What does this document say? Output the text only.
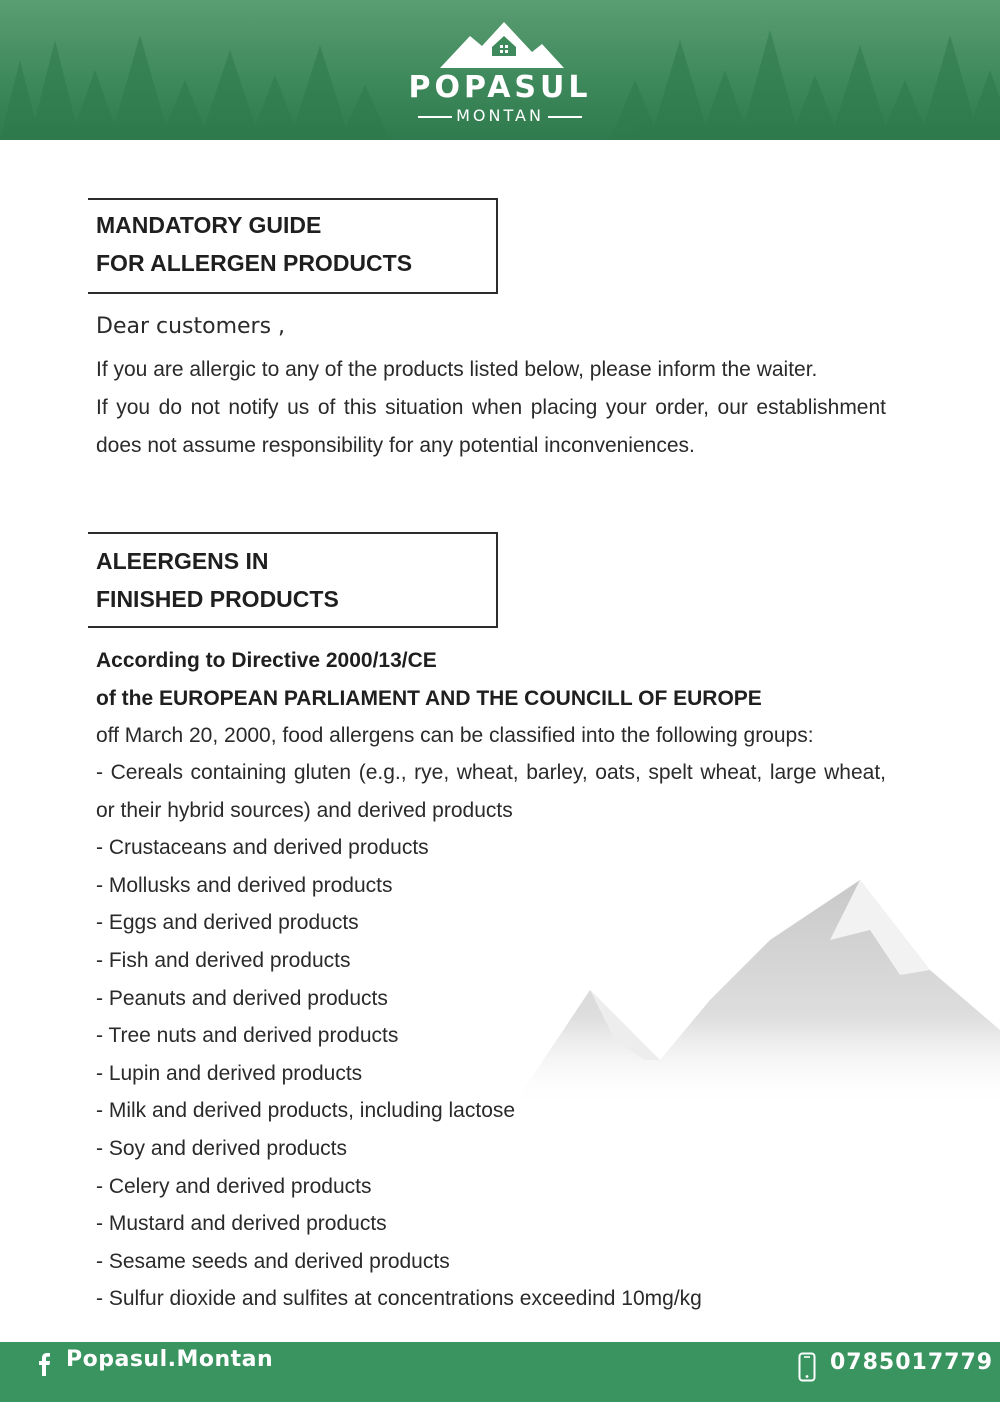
POPASUL
MONTAN
MANDATORY GUIDE
FOR ALLERGEN PRODUCTS
Dear customers ,
If you are allergic to any of the products listed below, please inform the waiter.
If you do not notify us of this situation when placing your order, our establishment does not assume responsibility for any potential inconveniences.
ALEERGENS IN
FINISHED PRODUCTS
According to Directive 2000/13/CE
of the EUROPEAN PARLIAMENT AND THE COUNCILL OF EUROPE
off March 20, 2000, food allergens can be classified into the following groups:
- Cereals containing gluten (e.g., rye, wheat, barley, oats, spelt wheat, large wheat, or their hybrid sources) and derived products
- Crustaceans and derived products
- Mollusks and derived products
- Eggs and derived products
- Fish and derived products
- Peanuts and derived products
- Tree nuts and derived products
- Lupin and derived products
- Milk and derived products, including lactose
- Soy and derived products
- Celery and derived products
- Mustard and derived products
- Sesame seeds and derived products
- Sulfur dioxide and sulfites at concentrations exceedind 10mg/kg
Popasul.Montan	0785017779
